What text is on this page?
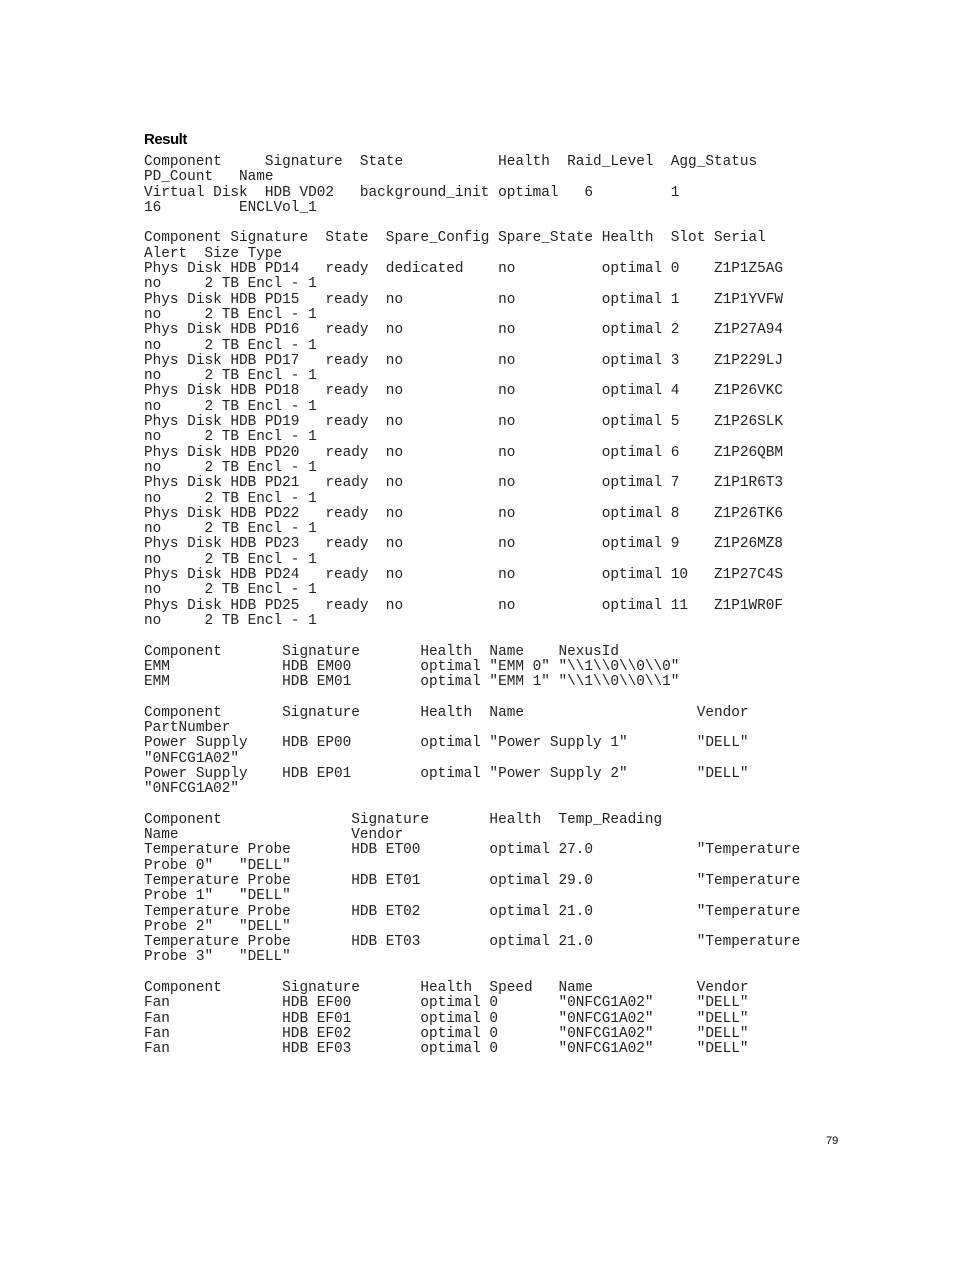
Result
Component     Signature  State           Health  Raid_Level  Agg_Status
PD_Count   Name
Virtual Disk  HDB VD02   background_init optimal   6         1
16         ENCLVol_1

Component Signature  State  Spare_Config Spare_State Health  Slot Serial
Alert  Size Type
Phys Disk HDB PD14   ready  dedicated    no          optimal 0    Z1P1Z5AG
no     2 TB Encl - 1
Phys Disk HDB PD15   ready  no           no          optimal 1    Z1P1YVFW
no     2 TB Encl - 1
Phys Disk HDB PD16   ready  no           no          optimal 2    Z1P27A94
no     2 TB Encl - 1
Phys Disk HDB PD17   ready  no           no          optimal 3    Z1P229LJ
no     2 TB Encl - 1
Phys Disk HDB PD18   ready  no           no          optimal 4    Z1P26VKC
no     2 TB Encl - 1
Phys Disk HDB PD19   ready  no           no          optimal 5    Z1P26SLK
no     2 TB Encl - 1
Phys Disk HDB PD20   ready  no           no          optimal 6    Z1P26QBM
no     2 TB Encl - 1
Phys Disk HDB PD21   ready  no           no          optimal 7    Z1P1R6T3
no     2 TB Encl - 1
Phys Disk HDB PD22   ready  no           no          optimal 8    Z1P26TK6
no     2 TB Encl - 1
Phys Disk HDB PD23   ready  no           no          optimal 9    Z1P26MZ8
no     2 TB Encl - 1
Phys Disk HDB PD24   ready  no           no          optimal 10   Z1P27C4S
no     2 TB Encl - 1
Phys Disk HDB PD25   ready  no           no          optimal 11   Z1P1WR0F
no     2 TB Encl - 1

Component       Signature       Health  Name    NexusId
EMM             HDB EM00        optimal "EMM 0" "\\1\\0\\0\\0"
EMM             HDB EM01        optimal "EMM 1" "\\1\\0\\0\\1"

Component       Signature       Health  Name                    Vendor
PartNumber
Power Supply    HDB EP00        optimal "Power Supply 1"        "DELL"
"0NFCG1A02"
Power Supply    HDB EP01        optimal "Power Supply 2"        "DELL"
"0NFCG1A02"

Component               Signature       Health  Temp_Reading
Name                    Vendor
Temperature Probe       HDB ET00        optimal 27.0            "Temperature
Probe 0"   "DELL"
Temperature Probe       HDB ET01        optimal 29.0            "Temperature
Probe 1"   "DELL"
Temperature Probe       HDB ET02        optimal 21.0            "Temperature
Probe 2"   "DELL"
Temperature Probe       HDB ET03        optimal 21.0            "Temperature
Probe 3"   "DELL"

Component       Signature       Health  Speed   Name            Vendor
Fan             HDB EF00        optimal 0       "0NFCG1A02"     "DELL"
Fan             HDB EF01        optimal 0       "0NFCG1A02"     "DELL"
Fan             HDB EF02        optimal 0       "0NFCG1A02"     "DELL"
Fan             HDB EF03        optimal 0       "0NFCG1A02"     "DELL"
79
